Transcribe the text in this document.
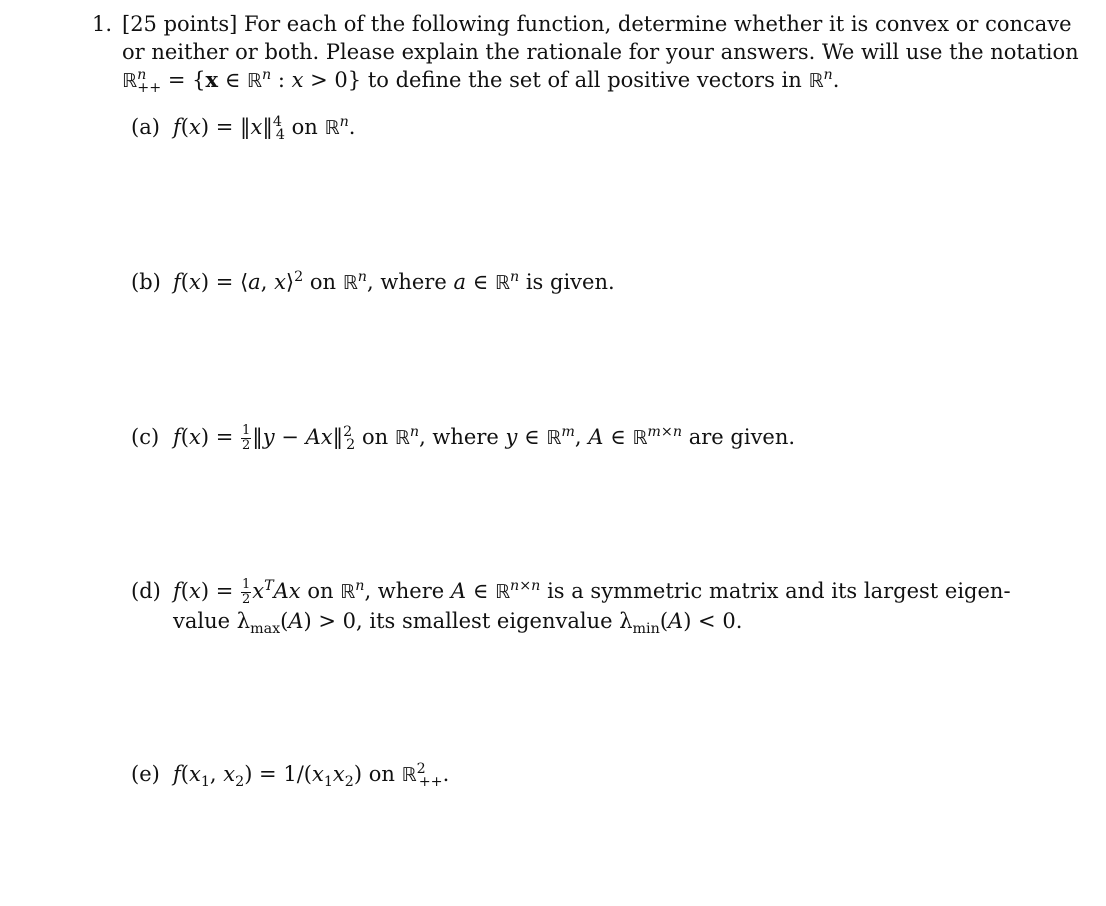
1. [25 points] For each of the following function, determine whether it is convex or concave
or neither or both. Please explain the rationale for your answers. We will use the notation
ℝ$^n_{++}$ = {x ∈ ℝ$^n$ : x > 0} to define the set of all positive vectors in ℝ$^n$.
(a) f(x) = ‖x‖$^4_4$ on ℝ$^n$.
(b) f(x) = ⟨a, x⟩$^2$ on ℝ$^n$, where a ∈ ℝ$^n$ is given.
(c) $f(x) = \frac{1}{2}$ ‖y − Ax‖$^2_2$ on ℝ$^n$, where y ∈ ℝ$^m$, A ∈ ℝ$^{m\times n}$ are given.
(d) $f(x) = \frac{1}{2} x^TAx$ on ℝ$^n$, where A ∈ ℝ$^{n\times n}$ is a symmetric matrix and its largest eigen-
value $\lambda_{max}(A) > 0$, its smallest eigenvalue $\lambda_{min}(A) < 0$.
(e) $f(x_1$, $x_2) = 1/(x_1x_2)$ on ℝ$^2_{++}$.
